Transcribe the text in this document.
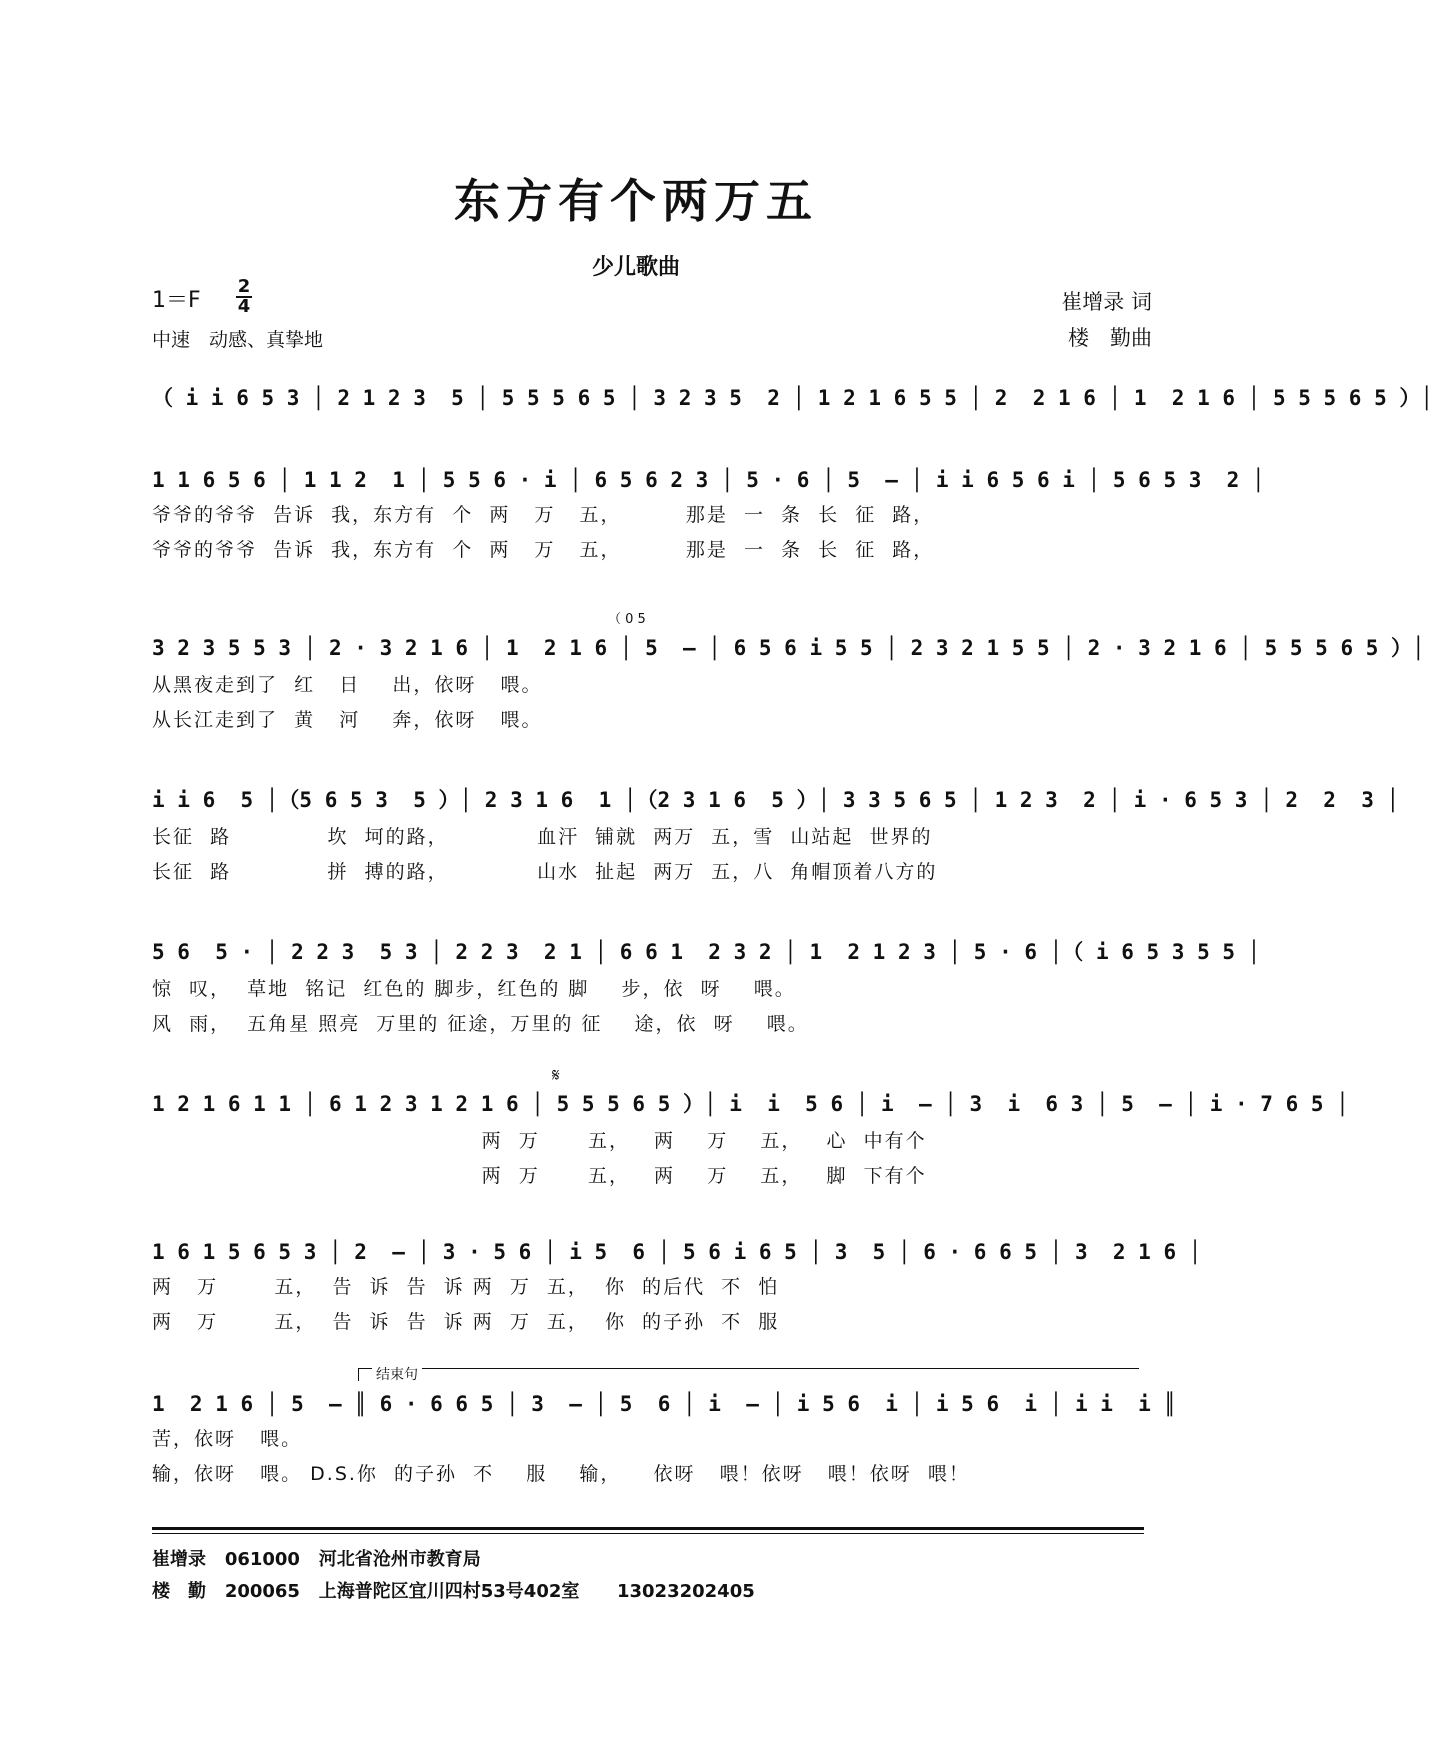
东方有个两万五
少儿歌曲
1＝F
2
4
中速　动感、真挚地
崔增录 词
楼　勤曲
（ i i 6 5 3 │ 2 1 2 3  5 │ 5 5 5 6 5 │ 3 2 3 5  2 │ 1 2 1 6 5 5 │ 2  2 1 6 │ 1  2 1 6 │ 5 5 5 6 5 ）│
1 1 6 5 6 │ 1 1 2  1 │ 5 5 6 · i │ 6 5 6 2 3 │ 5 · 6 │ 5  – │ i i 6 5 6 i │ 5 6 5 3  2 │
爷爷的爷爷  告诉  我，东方有  个  两   万   五，        那是  一  条  长  征  路，
爷爷的爷爷  告诉  我，东方有  个  两   万   五，        那是  一  条  长  征  路，
（ 0 5
3 2 3 5 5 3 │ 2 · 3 2 1 6 │ 1  2 1 6 │ 5  – │ 6 5 6 i 5 5 │ 2 3 2 1 5 5 │ 2 · 3 2 1 6 │ 5 5 5 6 5 ）│
从黑夜走到了  红   日    出，依呀   喂。
从长江走到了  黄   河    奔，依呀   喂。
i i 6  5 │（5 6 5 3  5 ）│ 2 3 1 6  1 │（2 3 1 6  5 ）│ 3 3 5 6 5 │ 1 2 3  2 │ i · 6 5 3 │ 2  2  3 │
长征  路            坎  坷的路，           血汗  铺就  两万  五，雪  山站起  世界的
长征  路            拼  搏的路，           山水  扯起  两万  五，八  角帽顶着八方的
5 6  5 · │ 2 2 3  5 3 │ 2 2 3  2 1 │ 6 6 1  2 3 2 │ 1  2 1 2 3 │ 5 · 6 │（ i 6 5 3 5 5 │
惊  叹，  草地  铭记  红色的 脚步，红色的 脚    步，依  呀    喂。
风  雨，  五角星 照亮  万里的 征途，万里的 征    途，依  呀    喂。
𝄋
1 2 1 6 1 1 │ 6 1 2 3 1 2 1 6 │ 5 5 5 6 5 ）│ i  i  5 6 │ i  – │ 3  i  6 3 │ 5  – │ i · 7 6 5 │
两  万      五，   两    万    五，   心  中有个
两  万      五，   两    万    五，   脚  下有个
1 6 1 5 6 5 3 │ 2  – │ 3 · 5 6 │ i 5  6 │ 5 6 i 6 5 │ 3  5 │ 6 · 6 6 5 │ 3  2 1 6 │
两   万       五，  告  诉  告  诉 两  万  五，  你  的后代  不  怕
两   万       五，  告  诉  告  诉 两  万  五，  你  的子孙  不  服
结束句
1  2 1 6 │ 5  – ║ 6 · 6 6 5 │ 3  – │ 5  6 │ i  – │ i 5 6  i │ i 5 6  i │ i i  i ║
苦，依呀   喂。
输，依呀   喂。 D.S.你  的子孙  不    服    输，    依呀   喂！依呀   喂！依呀  喂！
崔增录 061000   河北省沧州市教育局
楼　勤 200065   上海普陀区宜川四村53号402室      13023202405
